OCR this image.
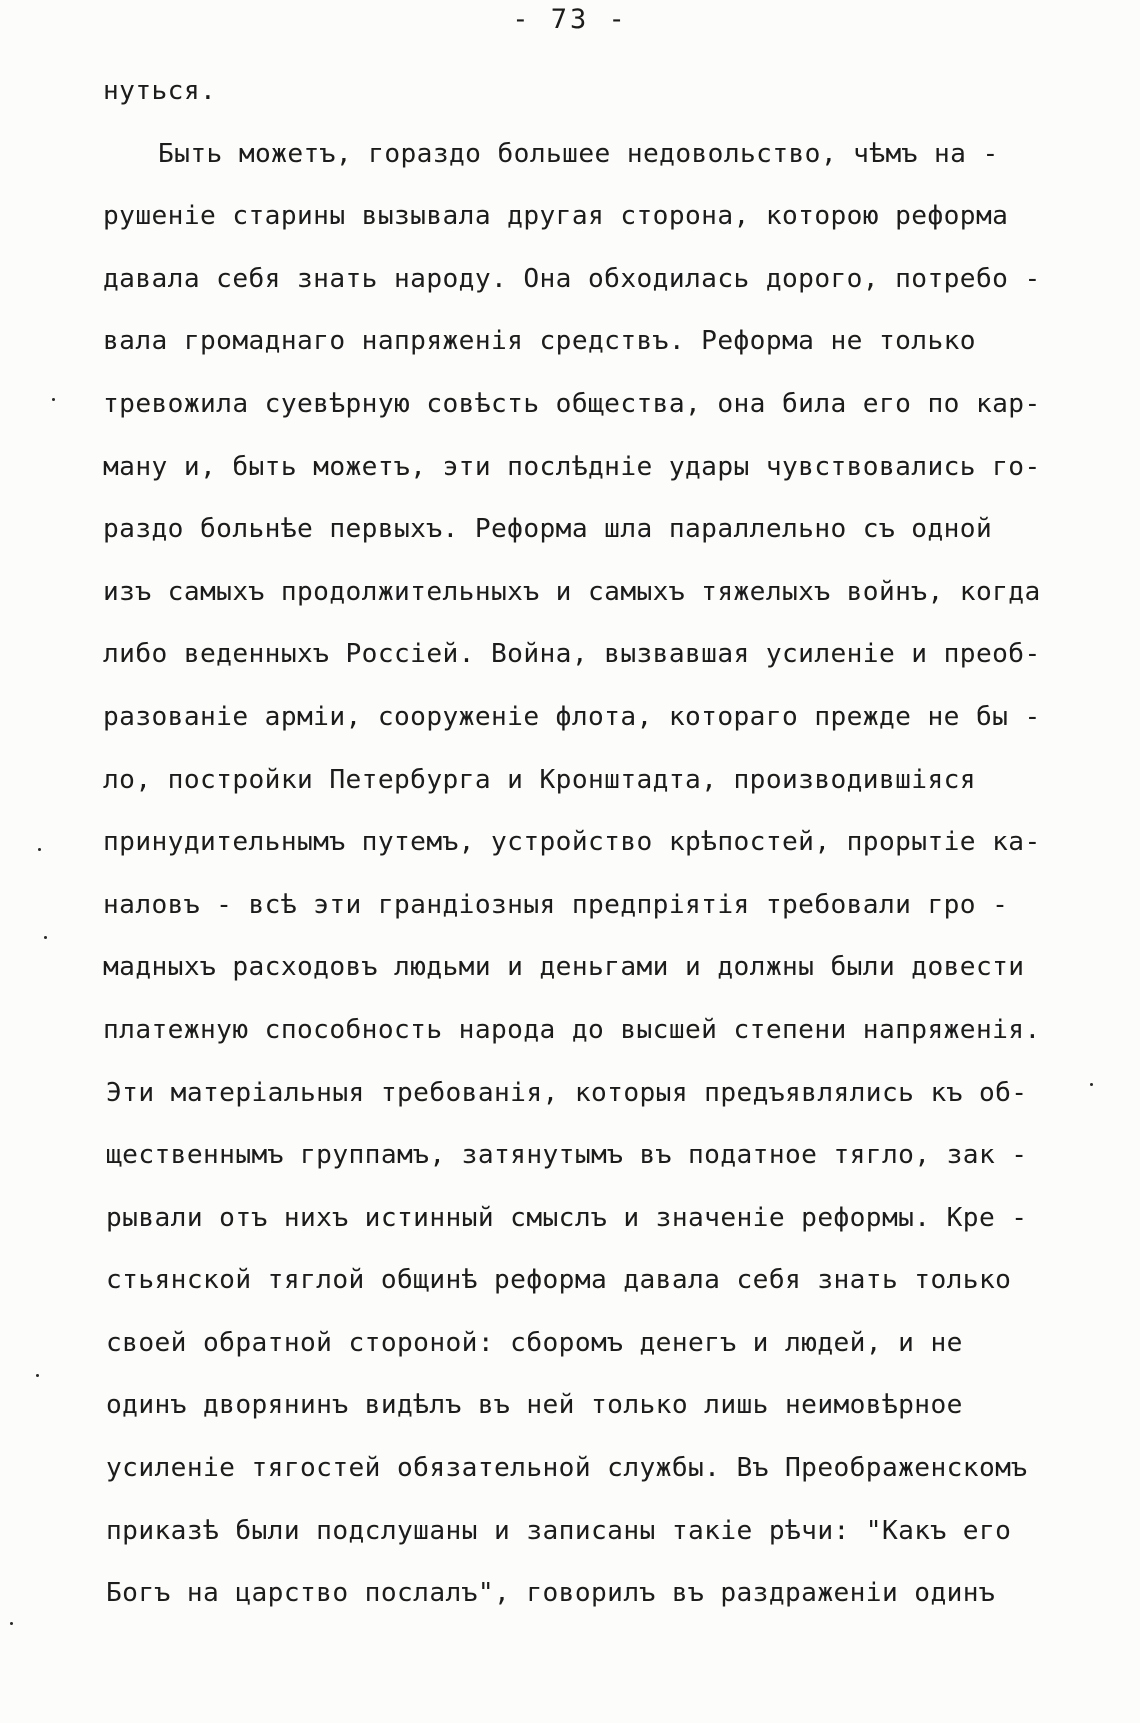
- 73 -
нуться.
Быть можетъ, гораздо большее недовольство, чѣмъ на -
рушеніе старины вызывала другая сторона, которою реформа
давала себя знать народу. Она обходилась дорого, потребо -
вала громаднаго напряженія средствъ. Реформа не только
тревожила суевѣрную совѣсть общества, она била его по кар-
ману и, быть можетъ, эти послѣдніе удары чувствовались го-
раздо больнѣе первыхъ. Реформа шла параллельно съ одной
изъ самыхъ продолжительныхъ и самыхъ тяжелыхъ войнъ, когда
либо веденныхъ Россіей. Война, вызвавшая усиленіе и преоб-
разованіе арміи, сооруженіе флота, котораго прежде не бы -
ло, постройки Петербурга и Кронштадта, производившіяся
принудительнымъ путемъ, устройство крѣпостей, прорытіе ка-
наловъ - всѣ эти грандіозныя предпріятія требовали гро -
мадныхъ расходовъ людьми и деньгами и должны были довести
платежную способность народа до высшей степени напряженія.
Эти матеріальныя требованія, которыя предъявлялись къ об-
щественнымъ группамъ, затянутымъ въ податное тягло, зак -
рывали отъ нихъ истинный смыслъ и значеніе реформы. Кре -
стьянской тяглой общинѣ реформа давала себя знать только
своей обратной стороной: сборомъ денегъ и людей, и не
одинъ дворянинъ видѣлъ въ ней только лишь неимовѣрное
усиленіе тягостей обязательной службы. Въ Преображенскомъ
приказѣ были подслушаны и записаны такіе рѣчи: "Какъ его
Богъ на царство послалъ", говорилъ въ раздраженіи одинъ
